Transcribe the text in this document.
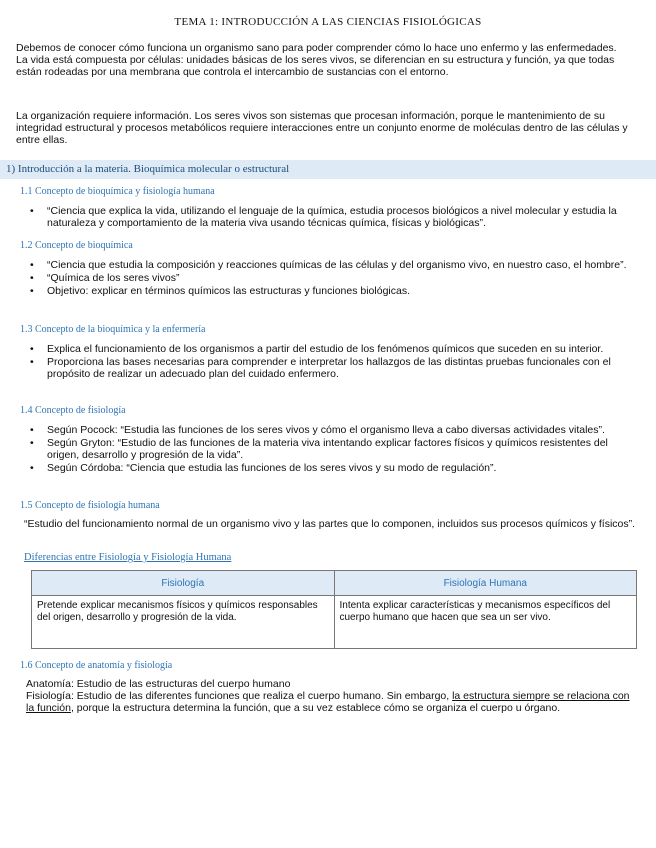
TEMA 1: INTRODUCCIÓN A LAS CIENCIAS FISIOLÓGICAS

Debemos de conocer cómo funciona un organismo sano para poder comprender cómo lo hace uno enfermo y las enfermedades.

La vida está compuesta por células: unidades básicas de los seres vivos, se diferencian en su estructura y función, ya que todas están rodeadas por una membrana que controla el intercambio de sustancias con el entorno.

La organización requiere información. Los seres vivos son sistemas que procesan información, porque le mantenimiento de su integridad estructural y procesos metabólicos requiere interacciones entre un conjunto enorme de moléculas dentro de las células y entre ellas.

1) Introducción a la materia. Bioquímica molecular o estructural
1.1 Concepto de bioquímica y fisiología humana
• “Ciencia que explica la vida, utilizando el lenguaje de la química, estudia procesos biológicos a nivel molecular y estudia la naturaleza y comportamiento de la materia viva usando técnicas química, físicas y biológicas”.
1.2 Concepto de bioquímica
• “Ciencia que estudia la composición y reacciones químicas de las células y del organismo vivo, en nuestro caso, el hombre”.
• “Química de los seres vivos”
• Objetivo: explicar en términos químicos las estructuras y funciones biológicas.
1.3 Concepto de la bioquímica y la enfermería
• Explica el funcionamiento de los organismos a partir del estudio de los fenómenos químicos que suceden en su interior.
• Proporciona las bases necesarias para comprender e interpretar los hallazgos de las distintas pruebas funcionales con el propósito de realizar un adecuado plan del cuidado enfermero.
1.4 Concepto de fisiología
• Según Pocock: “Estudia las funciones de los seres vivos y cómo el organismo lleva a cabo diversas actividades vitales”.
• Según Gryton: “Estudio de las funciones de la materia viva intentando explicar factores físicos y químicos resistentes del origen, desarrollo y progresión de la vida”.
• Según Córdoba: “Ciencia que estudia las funciones de los seres vivos y su modo de regulación”.
1.5 Concepto de fisiología humana
“Estudio del funcionamiento normal de un organismo vivo y las partes que lo componen, incluidos sus procesos químicos y físicos”.
Diferencias entre Fisiología y Fisiología Humana
Fisiología	Fisiología Humana
Pretende explicar mecanismos físicos y químicos responsables del origen, desarrollo y progresión de la vida.	Intenta explicar características y mecanismos específicos del cuerpo humano que hacen que sea un ser vivo.
1.6 Concepto de anatomía y fisiología

Anatomía: Estudio de las estructuras del cuerpo humano

Fisiología: Estudio de las diferentes funciones que realiza el cuerpo humano. Sin embargo, la estructura siempre se relaciona con la función, porque la estructura determina la función, que a su vez establece cómo se organiza el cuerpo u órgano.
